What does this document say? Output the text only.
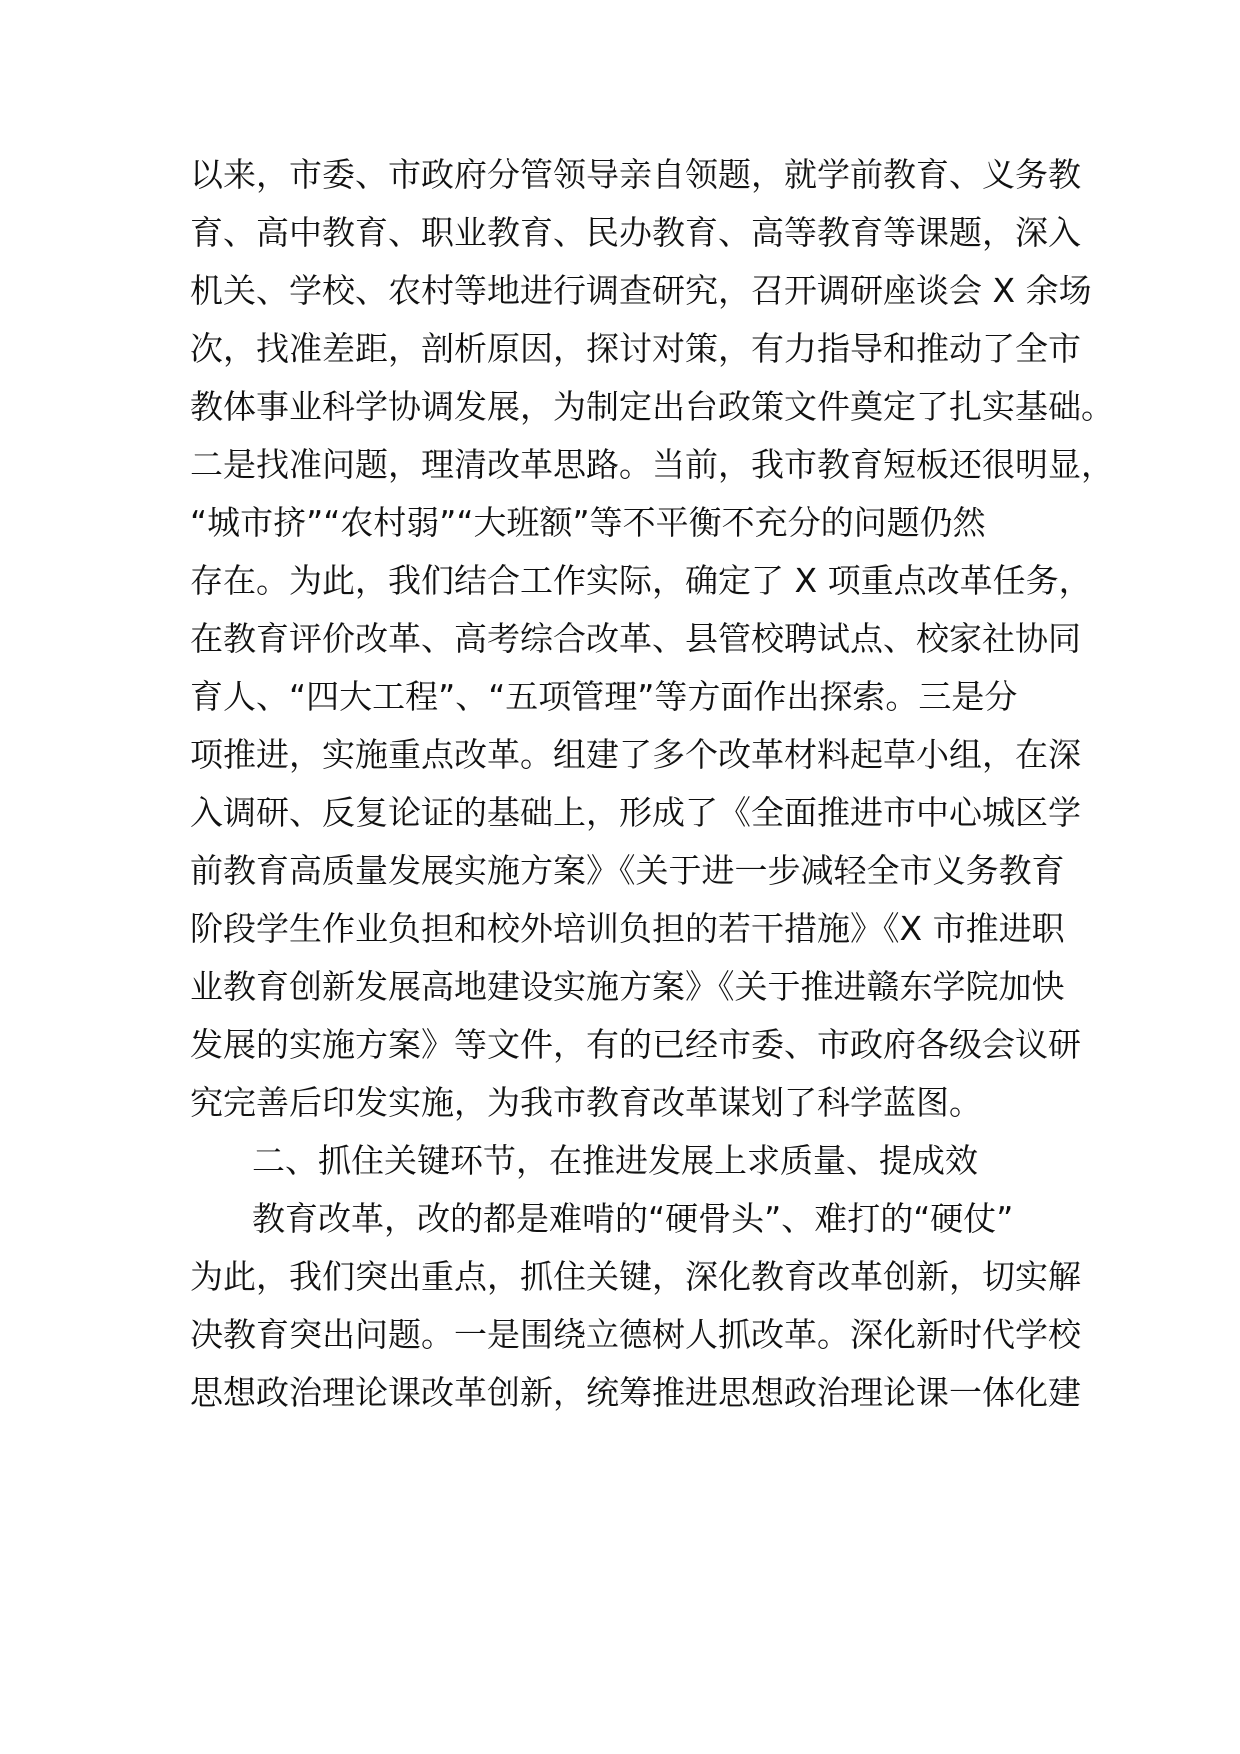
以来，市委、市政府分管领导亲自领题，就学前教育、义务教
育、高中教育、职业教育、民办教育、高等教育等课题，深入
机关、学校、农村等地进行调查研究，召开调研座谈会 X 余场
次，找准差距，剖析原因，探讨对策，有力指导和推动了全市
教体事业科学协调发展，为制定出台政策文件奠定了扎实基础。
二是找准问题，理清改革思路。当前，我市教育短板还很明显，
“城市挤”“农村弱”“大班额”等不平衡不充分的问题仍然
存在。为此，我们结合工作实际，确定了 X 项重点改革任务，
在教育评价改革、高考综合改革、县管校聘试点、校家社协同
育人、“四大工程”、“五项管理”等方面作出探索。三是分
项推进，实施重点改革。组建了多个改革材料起草小组，在深
入调研、反复论证的基础上，形成了《全面推进市中心城区学
前教育高质量发展实施方案》《关于进一步减轻全市义务教育
阶段学生作业负担和校外培训负担的若干措施》《X 市推进职
业教育创新发展高地建设实施方案》《关于推进赣东学院加快
发展的实施方案》等文件，有的已经市委、市政府各级会议研
究完善后印发实施，为我市教育改革谋划了科学蓝图。
二、抓住关键环节，在推进发展上求质量、提成效
教育改革，改的都是难啃的“硬骨头”、难打的“硬仗”
为此，我们突出重点，抓住关键，深化教育改革创新，切实解
决教育突出问题。一是围绕立德树人抓改革。深化新时代学校
思想政治理论课改革创新，统筹推进思想政治理论课一体化建
